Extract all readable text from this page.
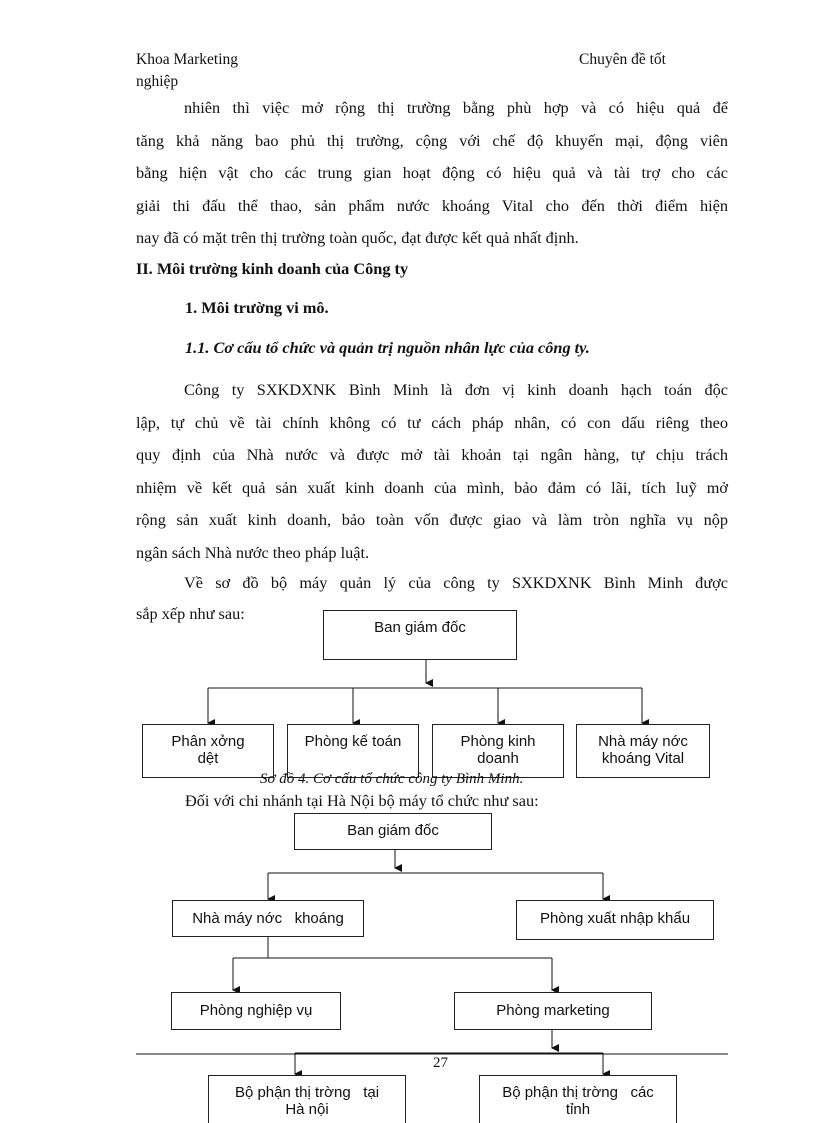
Khoa Marketing	Chuyên đề tốt
nghiệp
nhiên thì việc mở rộng thị trường bằng phù hợp và có hiệu quả để
tăng khả năng bao phủ thị trường, cộng với chế độ khuyến mại, động viên
bằng hiện vật cho các trung gian hoạt động có hiệu quả và tài trợ cho các
giải thi đấu thể thao, sản phẩm nước khoáng Vital cho đến thời điểm hiện
nay đã có mặt trên thị trường toàn quốc, đạt được kết quả nhất định.
II. Môi trường kinh doanh của Công ty
1. Môi trường vi mô.
1.1. Cơ cấu tổ chức và quản trị nguồn nhân lực của công ty.
Công ty SXKDXNK Bình Minh là đơn vị kinh doanh hạch toán độc
lập, tự chủ về tài chính không có tư cách pháp nhân, có con dấu riêng theo
quy định của Nhà nước và được mở tài khoản tại ngân hàng, tự chịu trách
nhiệm về kết quả sản xuất kinh doanh của mình, bảo đảm có lãi, tích luỹ mở
rộng sản xuất kinh doanh, bảo toàn vốn được giao và làm tròn nghĩa vụ nộp
ngân sách Nhà nước theo pháp luật.
Về sơ đồ bộ máy quản lý của công ty SXKDXNK Bình Minh được
sắp xếp như sau:
Ban giám đốc
Phân xởng
dệt
Phòng kế toán	Phòng kinh
doanh
Nhà máy nớc
khoáng Vital
Sơ đồ 4. Cơ cấu tổ chức công ty Bình Minh.
Đối với chi nhánh tại Hà Nội bộ máy tổ chức như sau:
Ban giám đốc
Nhà máy nớc   khoáng	Phòng xuất nhập khẩu
Phòng nghiệp vụ	Phòng marketing
Bộ phận thị trờng   tại
Hà nội
Bộ phận thị trờng   các
tỉnh
27
